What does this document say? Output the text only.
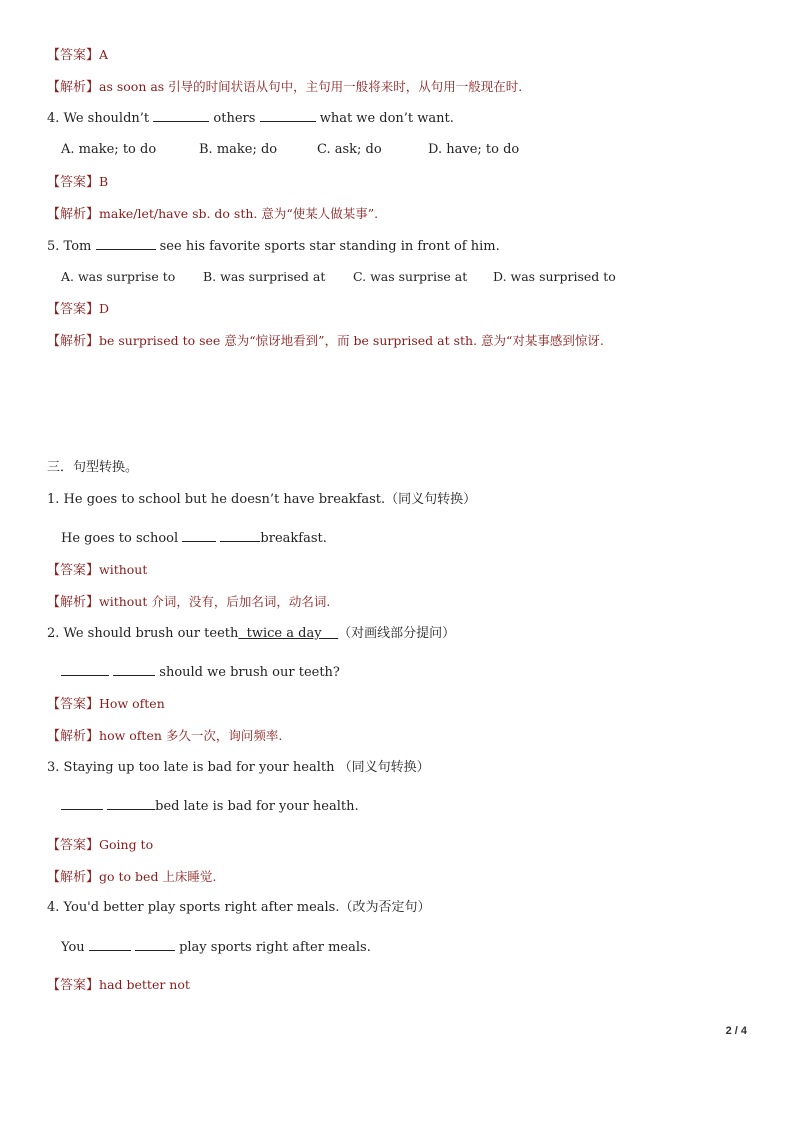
【答案】A
【解析】as soon as 引导的时间状语从句中，主句用一般将来时，从句用一般现在时.
4. We shouldn’t	others	what we don’t want.
A. make; to do	B. make; do	C. ask; do	D. have; to do
【答案】B
【解析】make/let/have sb. do sth. 意为“使某人做某事”.
5. Tom	see his favorite sports star standing in front of him.
A. was surprise to B. was surprised at C. was surprise at D. was surprised to
【答案】D
【解析】be surprised to see 意为“惊讶地看到”，而 be surprised at sth. 意为“对某事感到惊讶.
三．句型转换。
1. He goes to school but he doesn’t have breakfast.（同义句转换）
He goes to school	breakfast.
【答案】without
【解析】without 介词，没有，后加名词，动名词.
2. We should brush our teeth twice a day （对画线部分提问）
should we brush our teeth?
【答案】How often
【解析】how often 多久一次，询问频率.
3. Staying up too late is bad for your health （同义句转换）
bed late is bad for your health.
【答案】Going to
【解析】go to bed 上床睡觉.
4. You'd better play sports right after meals.（改为否定句）
You	play sports right after meals.
【答案】had better not
2 / 4
